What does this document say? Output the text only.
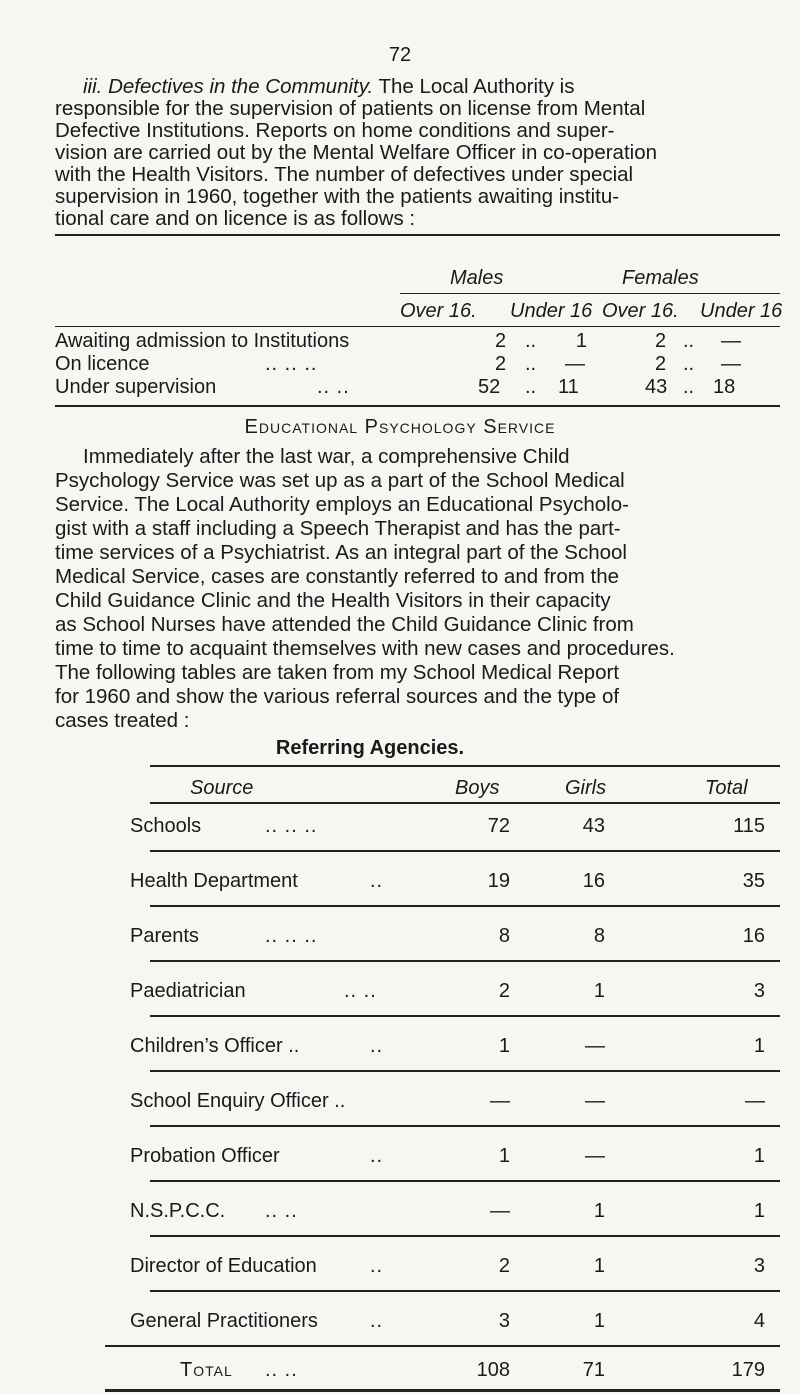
72
iii. Defectives in the Community. The Local Authority is
responsible for the supervision of patients on license from Mental
Defective Institutions. Reports on home conditions and super-
vision are carried out by the Mental Welfare Officer in co-operation
with the Health Visitors. The number of defectives under special
supervision in 1960, together with the patients awaiting institu-
tional care and on licence is as follows :
Males	Females
Over 16. Under 16 Over 16. Under 16
Awaiting admission to Institutions	2 ..	1	2 .. —
On licence	.. .. ..	2 .. —	2 .. —
Under supervision	.. ..	52 .. 11	43 .. 18
Educational Psychology Service
Immediately after the last war, a comprehensive Child
Psychology Service was set up as a part of the School Medical
Service. The Local Authority employs an Educational Psycholo-
gist with a staff including a Speech Therapist and has the part-
time services of a Psychiatrist. As an integral part of the School
Medical Service, cases are constantly referred to and from the
Child Guidance Clinic and the Health Visitors in their capacity
as School Nurses have attended the Child Guidance Clinic from
time to time to acquaint themselves with new cases and procedures.
The following tables are taken from my School Medical Report
for 1960 and show the various referral sources and the type of
cases treated :
Referring Agencies.
Source	Boys	Girls	Total
Schools	.. .. ..	72	43	115
Health Department	..	19	16	35
Parents	.. .. ..	8	8	16
Paediatrician	.. ..	2	1	3
Children’s Officer ..	..	1	—	1
School Enquiry Officer ..	—	—	—
Probation Officer	..	1	—	1
N.S.P.C.C. .. ..	—	1	1
Director of Education	..	2	1	3
General Practitioners	..	3	1	4
Total .. ..	108	71	179
